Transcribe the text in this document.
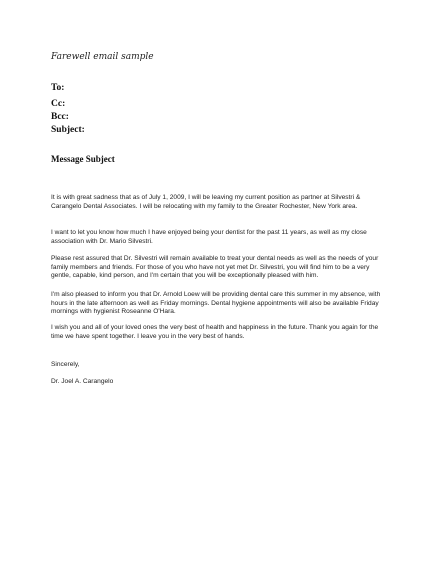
Farewell email sample
To:
Cc:
Bcc:
Subject:
Message Subject

It is with great sadness that as of July 1, 2009, I will be leaving my current position as partner at Silvestri & Carangelo Dental Associates. I will be relocating with my family to the Greater Rochester, New York area.

I want to let you know how much I have enjoyed being your dentist for the past 11 years, as well as my close association with Dr. Mario Silvestri.

Please rest assured that Dr. Silvestri will remain available to treat your dental needs as well as the needs of your family members and friends. For those of you who have not yet met Dr. Silvestri, you will find him to be a very gentle, capable, kind person, and I'm certain that you will be exceptionally pleased with him.

I'm also pleased to inform you that Dr. Arnold Loew will be providing dental care this summer in my absence, with hours in the late afternoon as well as Friday mornings. Dental hygiene appointments will also be available Friday mornings with hygienist Roseanne O'Hara.

I wish you and all of your loved ones the very best of health and happiness in the future. Thank you again for the time we have spent together. I leave you in the very best of hands.

Sincerely,

Dr. Joel A. Carangelo
